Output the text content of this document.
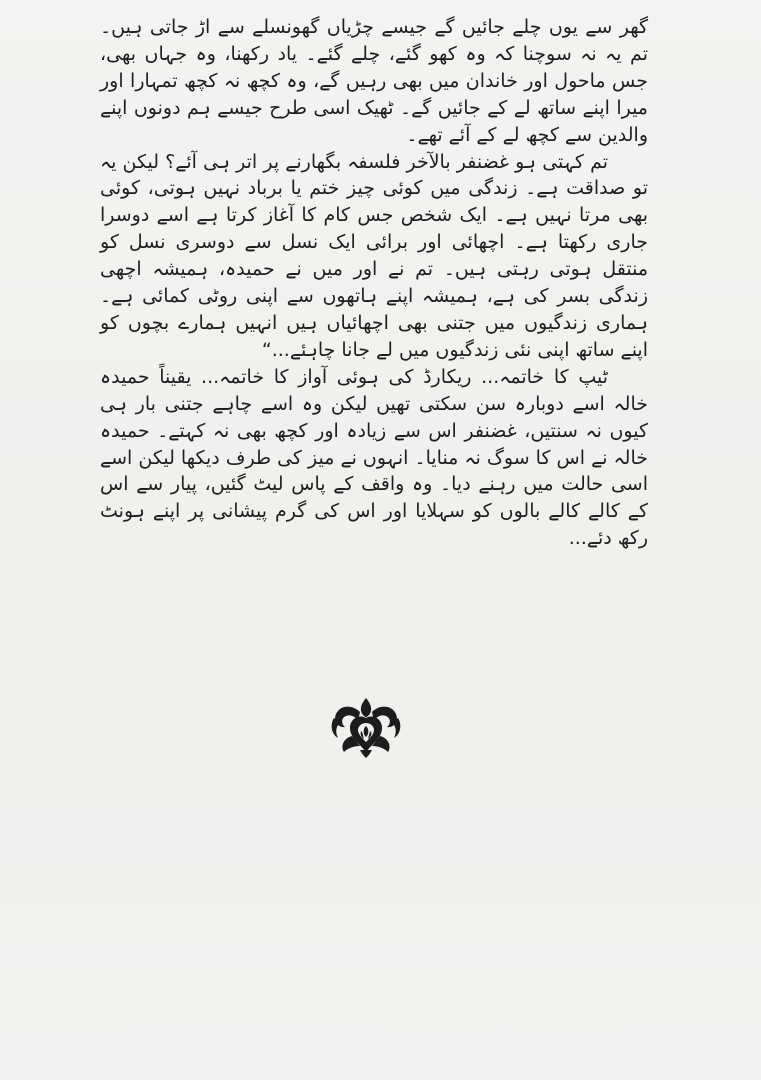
گھر سے یوں چلے جائیں گے جیسے چڑیاں گھونسلے سے اڑ جاتی ہیں۔ تم یہ نہ سوچنا کہ وہ کھو گئے، چلے گئے۔ یاد رکھنا، وہ جہاں بھی، جس ماحول اور خاندان میں بھی رہیں گے، وہ کچھ نہ کچھ تمہارا اور میرا اپنے ساتھ لے کے جائیں گے۔ ٹھیک اسی طرح جیسے ہم دونوں اپنے والدین سے کچھ لے کے آئے تھے۔

تم کہتی ہو غضنفر بالآخر فلسفہ بگھارنے پر اتر ہی آئے؟ لیکن یہ تو صداقت ہے۔ زندگی میں کوئی چیز ختم یا برباد نہیں ہوتی، کوئی بھی مرتا نہیں ہے۔ ایک شخص جس کام کا آغاز کرتا ہے اسے دوسرا جاری رکھتا ہے۔ اچھائی اور برائی ایک نسل سے دوسری نسل کو منتقل ہوتی رہتی ہیں۔ تم نے اور میں نے حمیدہ، ہمیشہ اچھی زندگی بسر کی ہے، ہمیشہ اپنے ہاتھوں سے اپنی روٹی کمائی ہے۔ ہماری زندگیوں میں جتنی بھی اچھائیاں ہیں انہیں ہمارے بچوں کو اپنے ساتھ اپنی نئی زندگیوں میں لے جانا چاہئے...“

ٹیپ کا خاتمہ... ریکارڈ کی ہوئی آواز کا خاتمہ... یقیناً حمیدہ خالہ اسے دوبارہ سن سکتی تھیں لیکن وہ اسے چاہے جتنی بار ہی کیوں نہ سنتیں، غضنفر اس سے زیادہ اور کچھ بھی نہ کہتے۔ حمیدہ خالہ نے اس کا سوگ نہ منایا۔ انہوں نے میز کی طرف دیکھا لیکن اسے اسی حالت میں رہنے دیا۔ وہ واقف کے پاس لیٹ گئیں، پیار سے اس کے کالے کالے بالوں کو سہلایا اور اس کی گرم پیشانی پر اپنے ہونٹ رکھ دئے...
